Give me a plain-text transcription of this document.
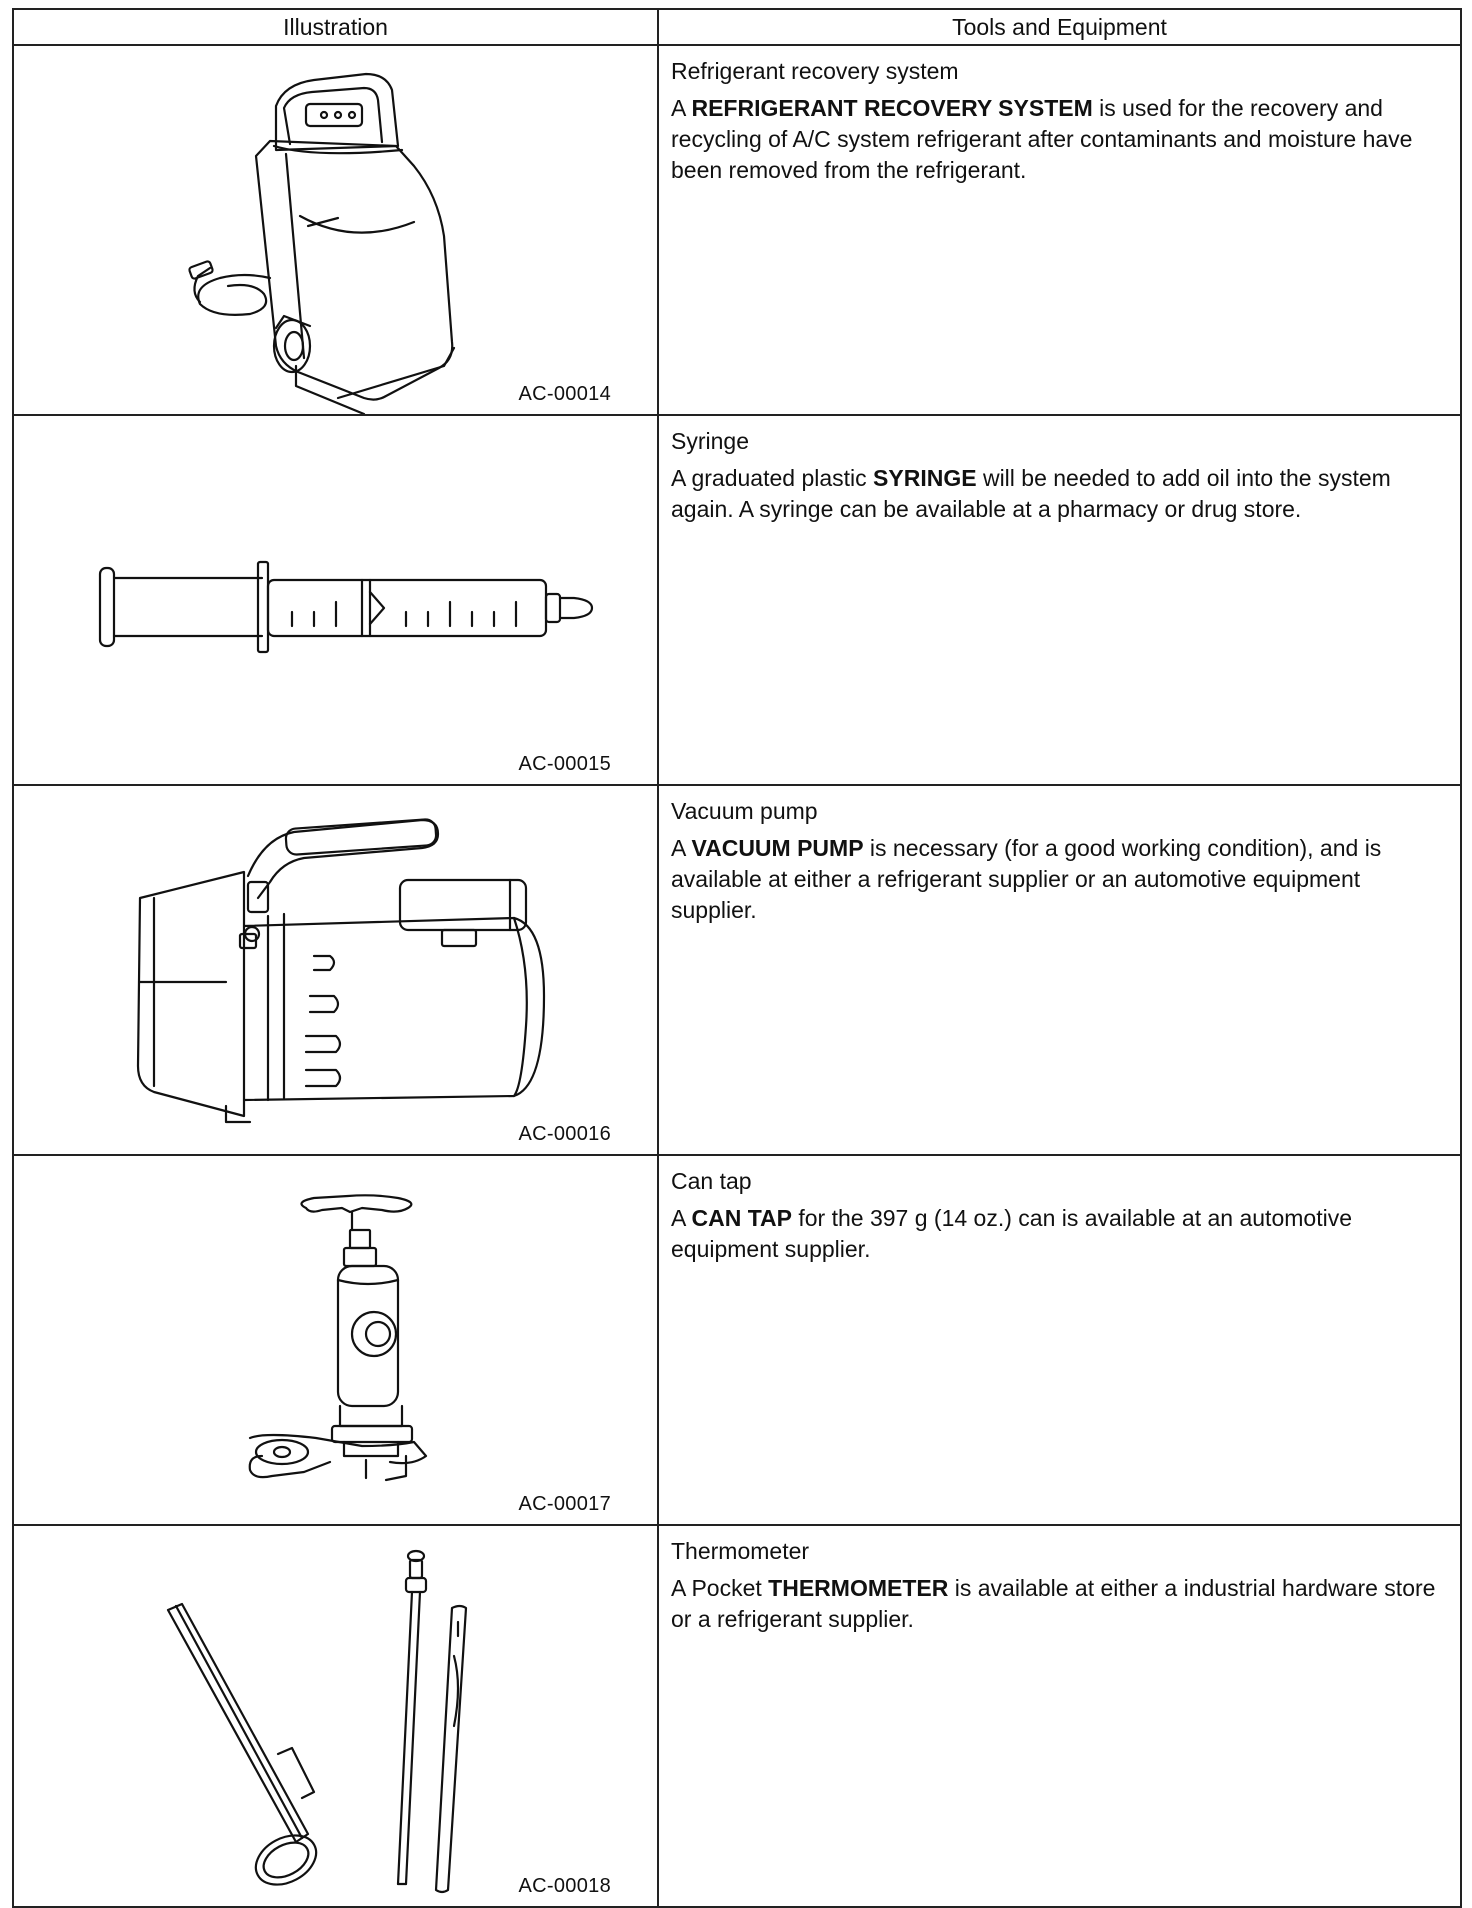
Illustration	Tools and Equipment

AC-00014	Refrigerant recovery system
A REFRIGERANT RECOVERY SYSTEM is used for the recovery and recycling of A/C system refrigerant after contaminants and moisture have been removed from the refrigerant.

AC-00015	Syringe
A graduated plastic SYRINGE will be needed to add oil into the system again. A syringe can be available at a pharmacy or drug store.

AC-00016	Vacuum pump
A VACUUM PUMP is necessary (for a good working condition), and is available at either a refrigerant supplier or an automotive equipment supplier.

AC-00017	Can tap
A CAN TAP for the 397 g (14 oz.) can is available at an automotive equipment supplier.

AC-00018	Thermometer
A Pocket THERMOMETER is available at either a industrial hardware store or a refrigerant supplier.
